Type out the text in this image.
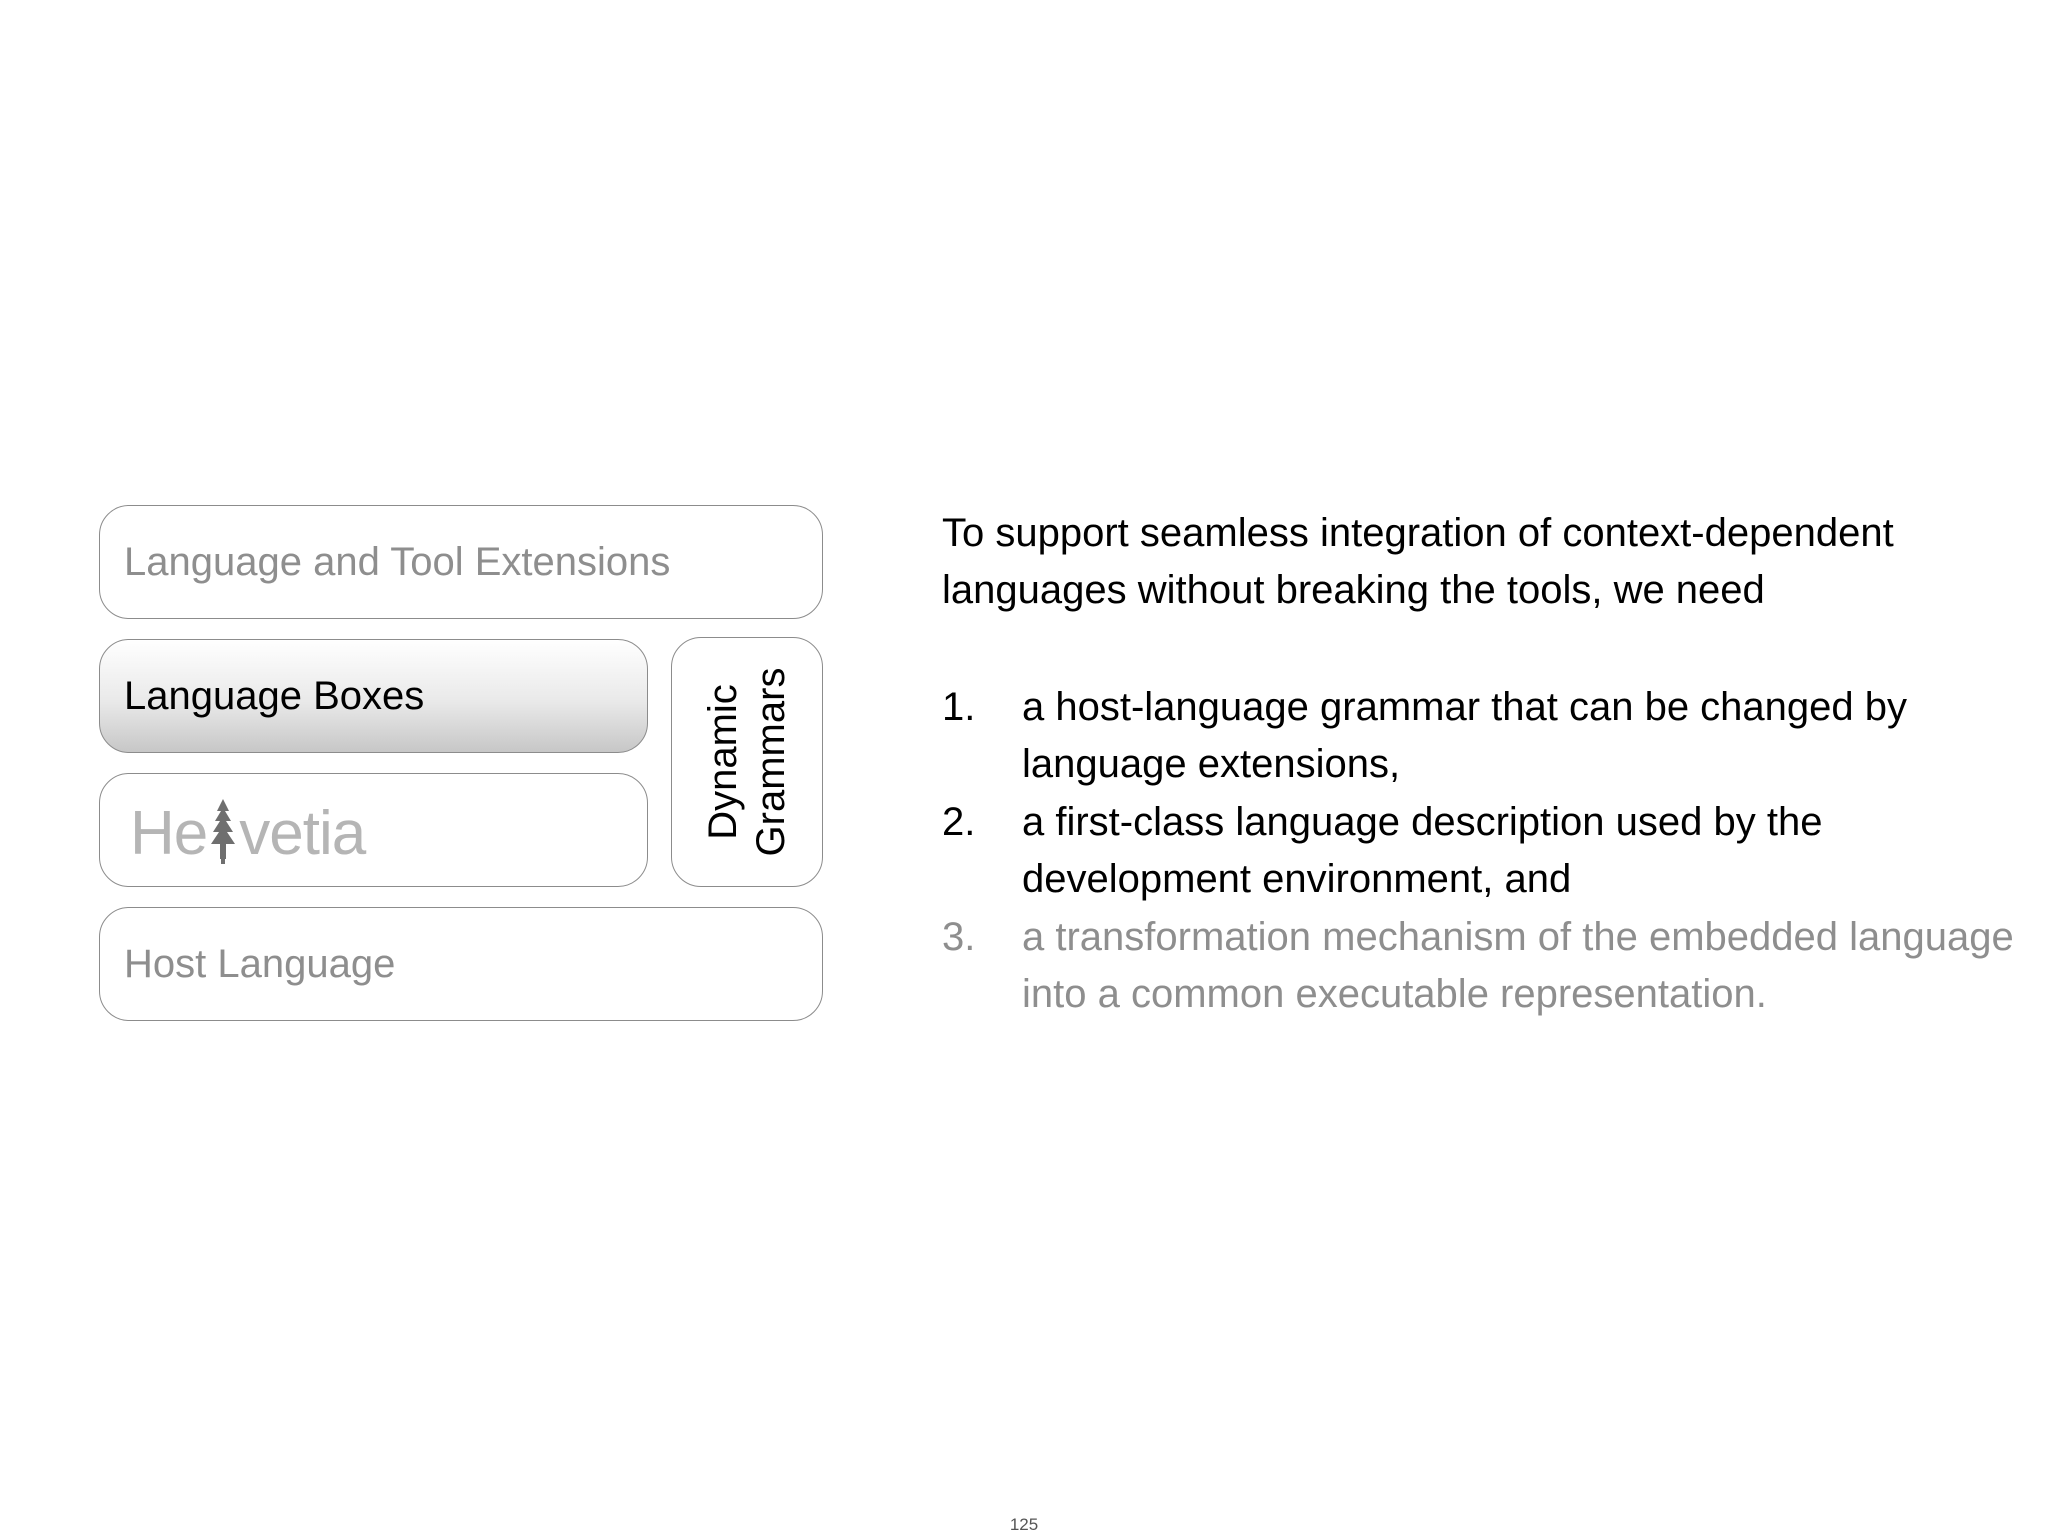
Language and Tool Extensions
Language Boxes
He vetia	Dynamic Grammars
Host Language
To support seamless integration of context-dependent languages without breaking the tools, we need
1.	a host-language grammar that can be changed by language extensions,
2.	a first-class language description used by the development environment, and
3.	a transformation mechanism of the embedded language into a common executable representation.
125
